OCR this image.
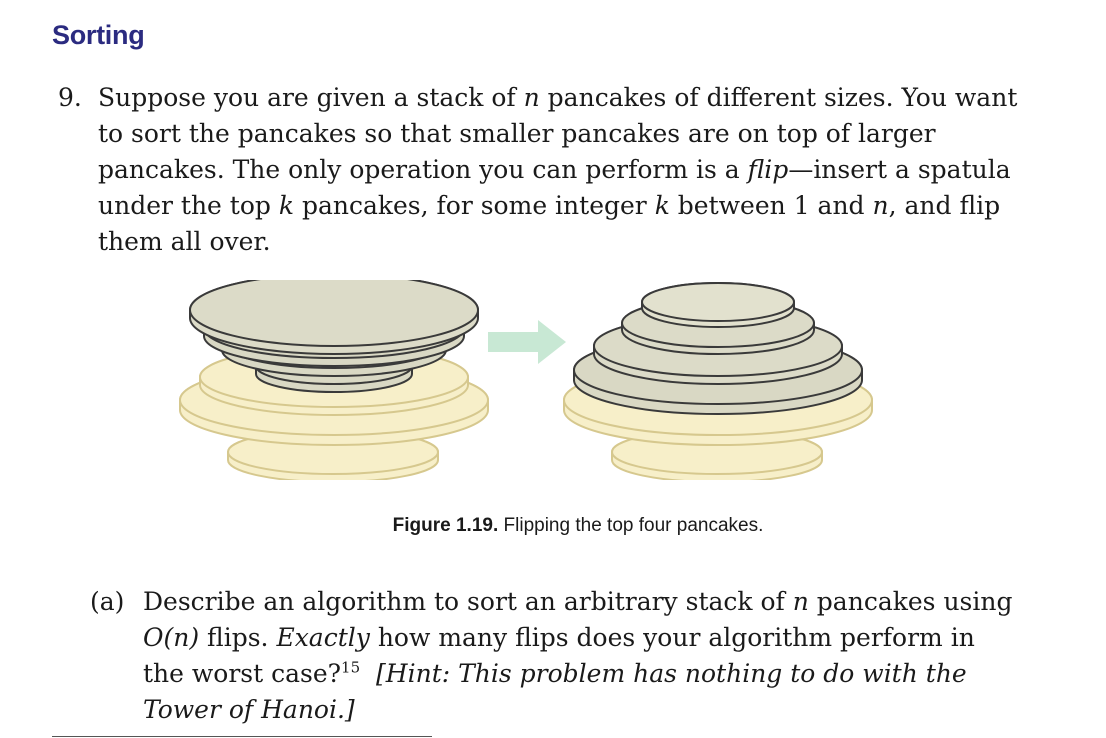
Sorting
9. Suppose you are given a stack of n pancakes of different sizes. You want to sort the pancakes so that smaller pancakes are on top of larger pancakes. The only operation you can perform is a flip—insert a spatula under the top k pancakes, for some integer k between 1 and n, and flip them all over.
Figure 1.19. Flipping the top four pancakes.
(a) Describe an algorithm to sort an arbitrary stack of n pancakes using O(n) flips. Exactly how many flips does your algorithm perform in the worst case?$^{15}$ [Hint: This problem has nothing to do with the Tower of Hanoi.]
